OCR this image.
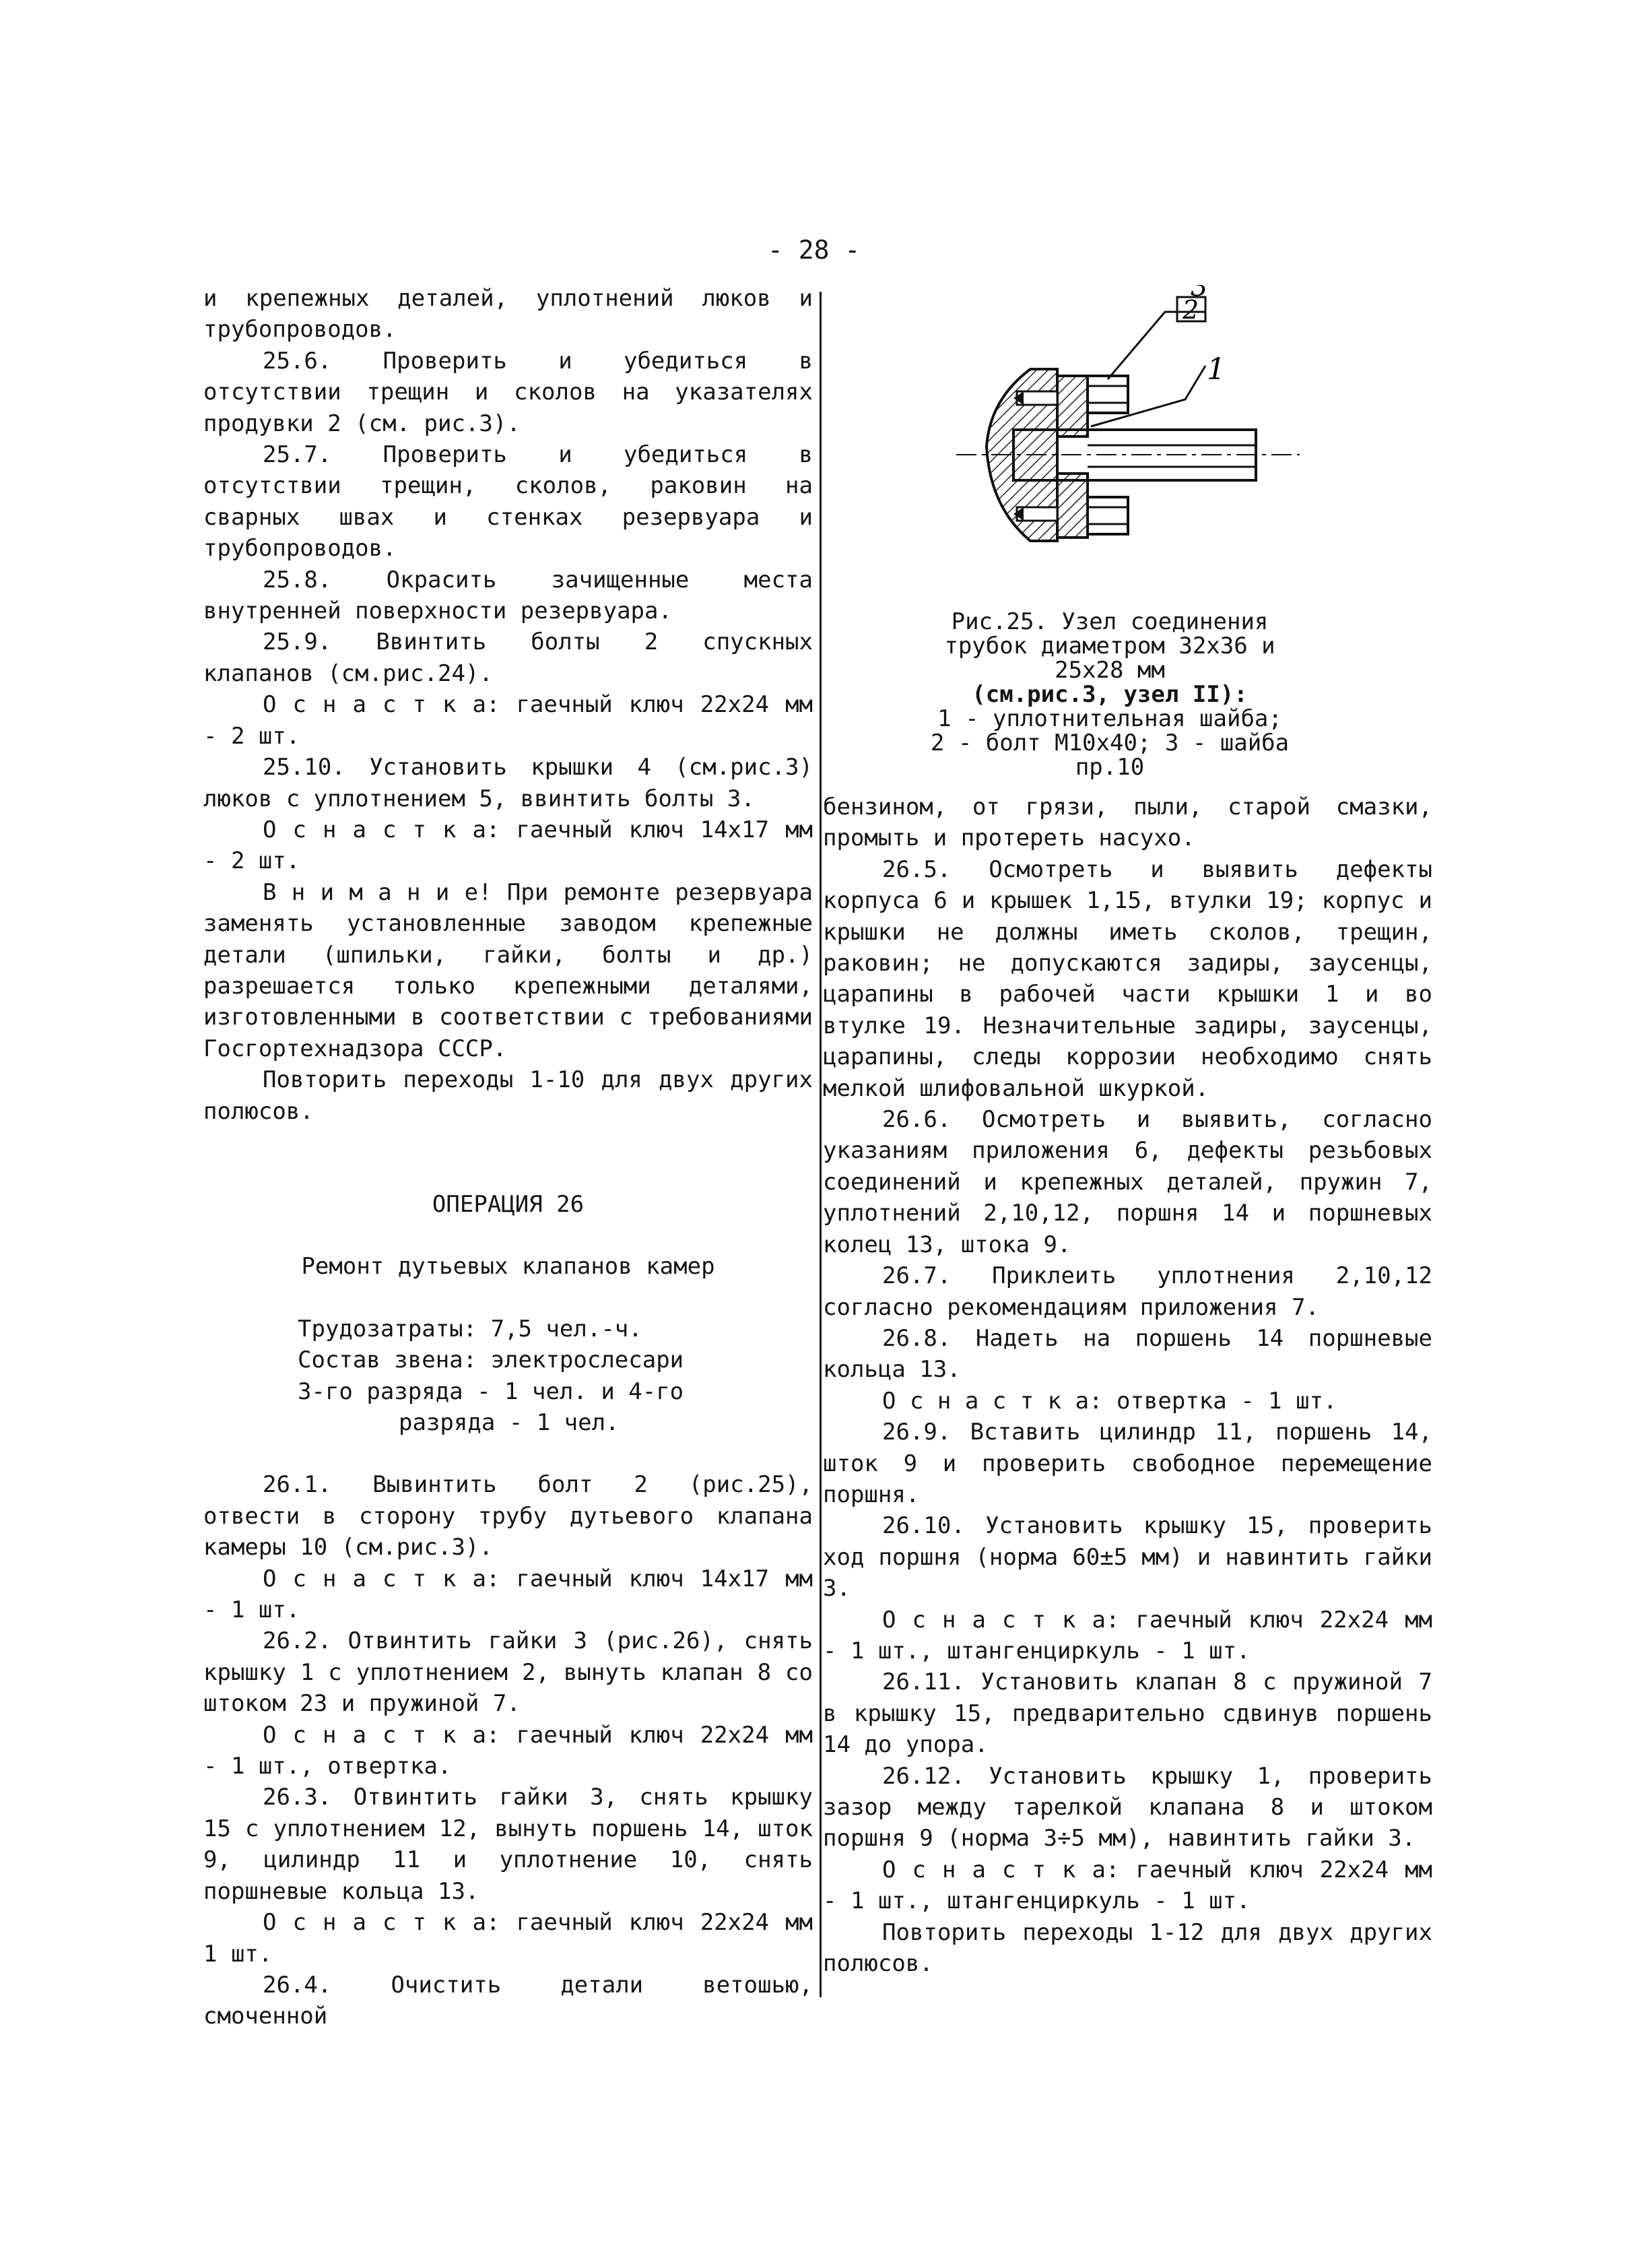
- 28 -

и крепежных деталей, уплотнений люков и трубопроводов.

25.6. Проверить и убедиться в отсутствии трещин и сколов на указателях продувки 2 (см. рис.3).

25.7. Проверить и убедиться в отсутствии трещин, сколов, раковин на сварных швах и стенках резервуара и трубопроводов.

25.8. Окрасить зачищенные места внутренней поверхности резервуара.

25.9. Ввинтить болты 2 спускных клапанов (см.рис.24).

О с н а с т к а: гаечный ключ 22х24 мм - 2 шт.

25.10. Установить крышки 4 (см.рис.3) люков с уплотнением 5, ввинтить болты 3.

О с н а с т к а: гаечный ключ 14х17 мм - 2 шт.

В н и м а н и е! При ремонте резервуара заменять установленные заводом крепежные детали (шпильки, гайки, болты и др.) разрешается только крепежными деталями, изготовленными в соответствии с требованиями Госгортехнадзора СССР.

Повторить переходы 1-10 для двух других полюсов.

ОПЕРАЦИЯ 26

Ремонт дутьевых клапанов камер

Трудозатраты: 7,5 чел.-ч.

Состав звена: электрослесари

3-го разряда - 1 чел. и 4-го

разряда - 1 чел.

26.1. Вывинтить болт 2 (рис.25), отвести в сторону трубу дутьевого клапана камеры 10 (см.рис.3).

О с н а с т к а: гаечный ключ 14х17 мм - 1 шт.

26.2. Отвинтить гайки 3 (рис.26), снять крышку 1 с уплотнением 2, вынуть клапан 8 со штоком 23 и пружиной 7.

О с н а с т к а: гаечный ключ 22х24 мм - 1 шт., отвертка.

26.3. Отвинтить гайки 3, снять крышку 15 с уплотнением 12, вынуть поршень 14, шток 9, цилиндр 11 и уплотнение 10, снять поршневые кольца 13.

О с н а с т к а: гаечный ключ 22х24 мм 1 шт.

26.4. Очистить детали ветошью, смоченной

3
2
1
Рис.25. Узел соединения
трубок диаметром 32х36 и
25х28 мм
(см.рис.3, узел II):
1 - уплотнительная шайба;
2 - болт М10х40; 3 - шайба
пр.10

бензином, от грязи, пыли, старой смазки, промыть и протереть насухо.

26.5. Осмотреть и выявить дефекты корпуса 6 и крышек 1,15, втулки 19; корпус и крышки не должны иметь сколов, трещин, раковин; не допускаются задиры, заусенцы, царапины в рабочей части крышки 1 и во втулке 19. Незначительные задиры, заусенцы, царапины, следы коррозии необходимо снять мелкой шлифовальной шкуркой.

26.6. Осмотреть и выявить, согласно указаниям приложения 6, дефекты резьбовых соединений и крепежных деталей, пружин 7, уплотнений 2,10,12, поршня 14 и поршневых колец 13, штока 9.

26.7. Приклеить уплотнения 2,10,12 согласно рекомендациям приложения 7.

26.8. Надеть на поршень 14 поршневые кольца 13.

О с н а с т к а: отвертка - 1 шт.

26.9. Вставить цилиндр 11, поршень 14, шток 9 и проверить свободное перемещение поршня.

26.10. Установить крышку 15, проверить ход поршня (норма 60±5 мм) и навинтить гайки 3.

О с н а с т к а: гаечный ключ 22х24 мм - 1 шт., штангенциркуль - 1 шт.

26.11. Установить клапан 8 с пружиной 7 в крышку 15, предварительно сдвинув поршень 14 до упора.

26.12. Установить крышку 1, проверить зазор между тарелкой клапана 8 и штоком поршня 9 (норма 3÷5 мм), навинтить гайки 3.

О с н а с т к а: гаечный ключ 22х24 мм - 1 шт., штангенциркуль - 1 шт.

Повторить переходы 1-12 для двух других полюсов.
